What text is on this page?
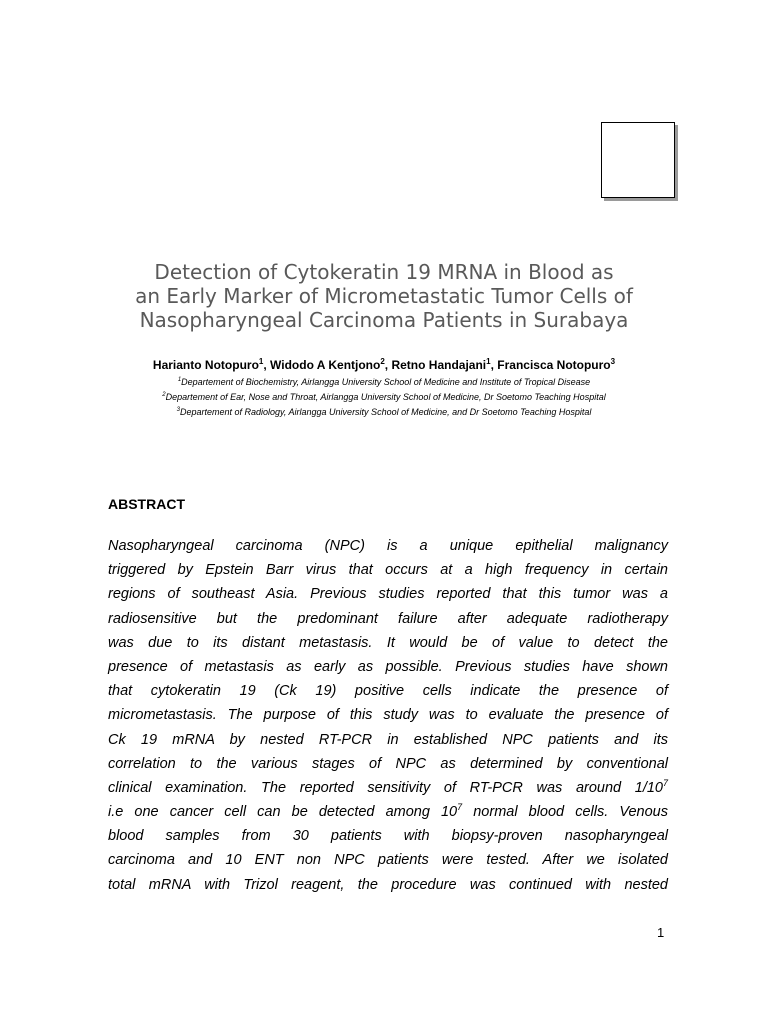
Detection of Cytokeratin 19 MRNA in Blood as
an Early Marker of Micrometastatic Tumor Cells of
Nasopharyngeal Carcinoma Patients in Surabaya
Harianto Notopuro$^1$, Widodo A Kentjono$^2$, Retno Handajani$^1$, Francisca Notopuro$^3$
$^1$Departement of Biochemistry, Airlangga University School of Medicine and Institute of Tropical Disease
$^2$Departement of Ear, Nose and Throat, Airlangga University School of Medicine, Dr Soetomo Teaching Hospital
$^3$Departement of Radiology, Airlangga University School of Medicine, and Dr Soetomo Teaching Hospital
ABSTRACT
Nasopharyngeal carcinoma (NPC) is a unique epithelial malignancy
triggered by Epstein Barr virus that occurs at a high frequency in certain
regions of southeast Asia. Previous studies reported that this tumor was a
radiosensitive but the predominant failure after adequate radiotherapy
was due to its distant metastasis. It would be of value to detect the
presence of metastasis as early as possible. Previous studies have shown
that cytokeratin 19 (Ck 19) positive cells indicate the presence of
micrometastasis. The purpose of this study was to evaluate the presence of
Ck 19 mRNA by nested RT-PCR in established NPC patients and its
correlation to the various stages of NPC as determined by conventional
clinical examination. The reported sensitivity of RT-PCR was around $1/10^7$
i.e one cancer cell can be detected among $10^7$ normal blood cells. Venous
blood samples from 30 patients with biopsy-proven nasopharyngeal
carcinoma and 10 ENT non NPC patients were tested. After we isolated
total mRNA with Trizol reagent, the procedure was continued with nested
1
